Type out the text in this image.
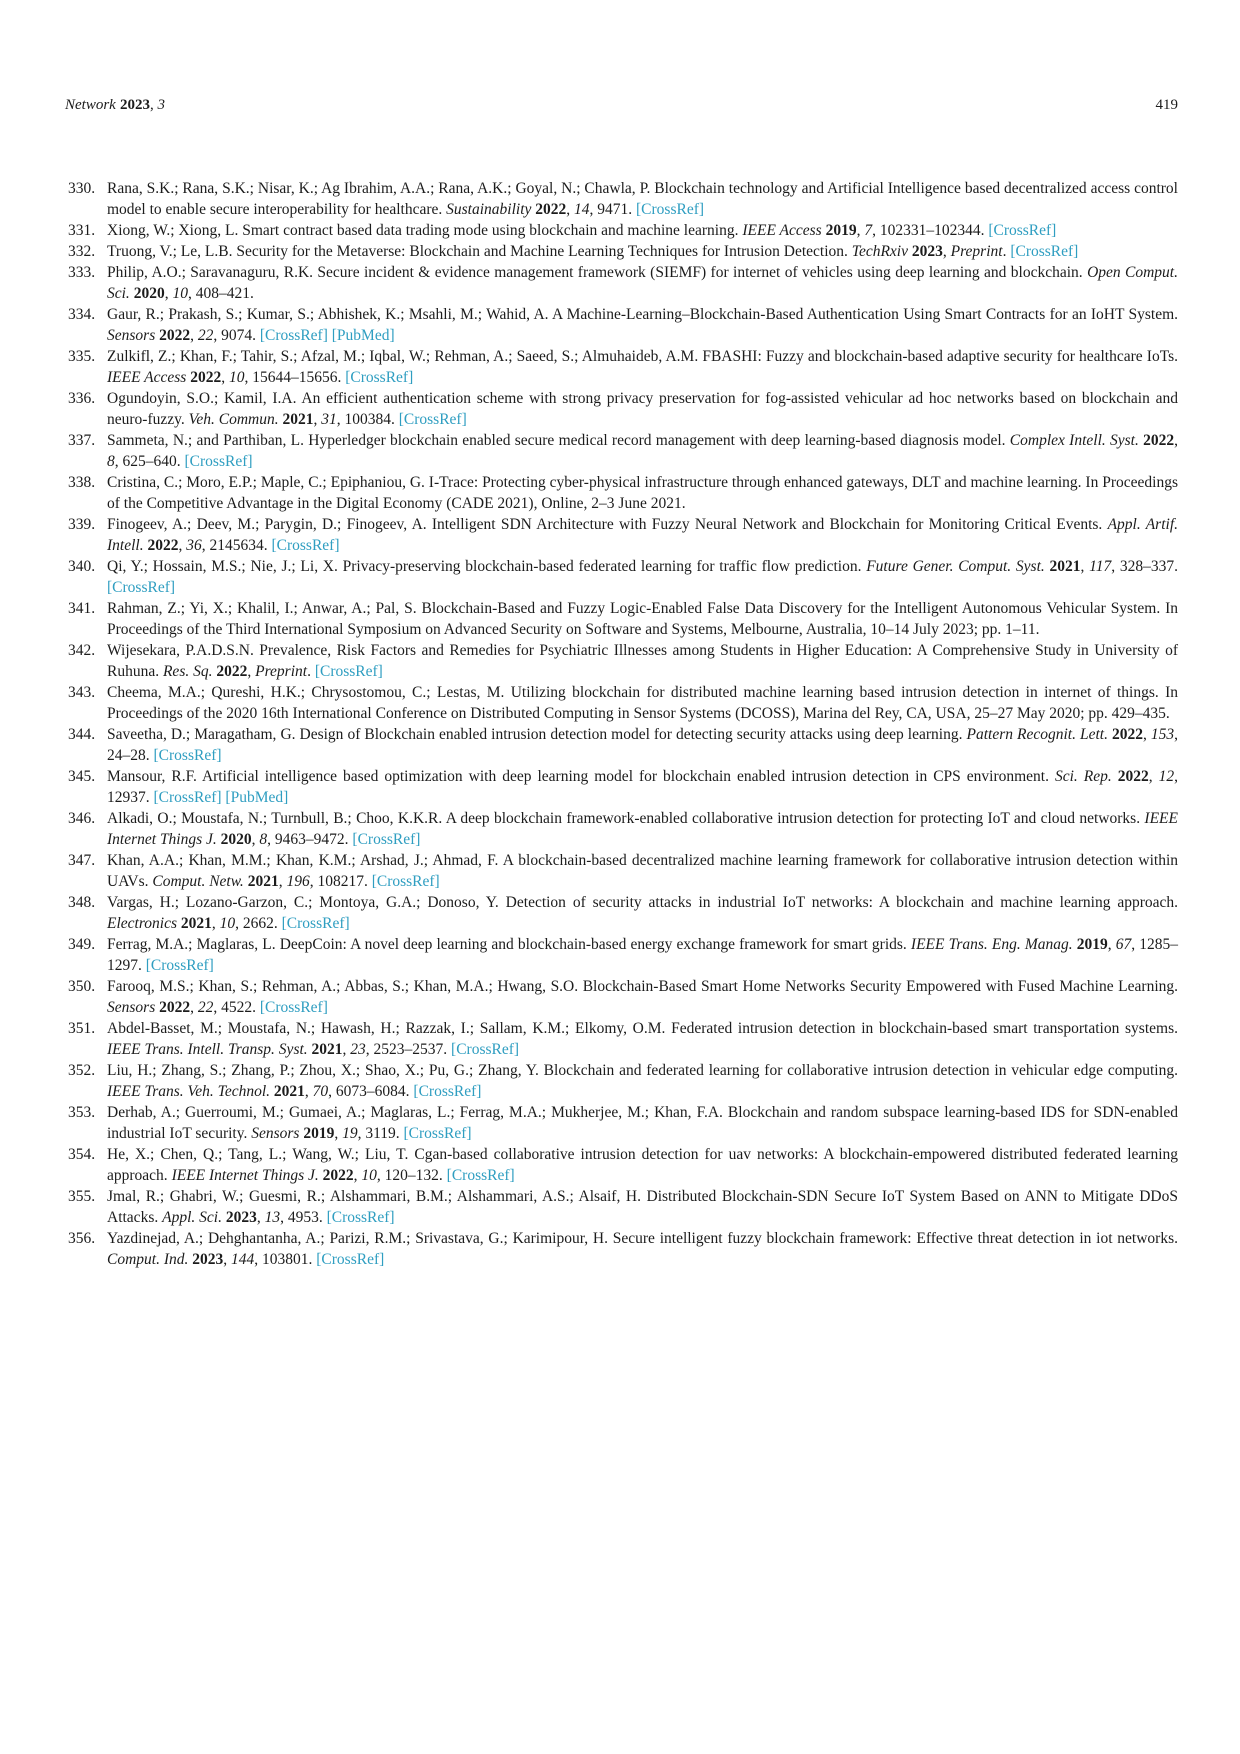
Network 2023, 3	419
330. Rana, S.K.; Rana, S.K.; Nisar, K.; Ag Ibrahim, A.A.; Rana, A.K.; Goyal, N.; Chawla, P. Blockchain technology and Artificial Intelligence based decentralized access control model to enable secure interoperability for healthcare. Sustainability 2022, 14, 9471. [CrossRef]
331. Xiong, W.; Xiong, L. Smart contract based data trading mode using blockchain and machine learning. IEEE Access 2019, 7, 102331–102344. [CrossRef]
332. Truong, V.; Le, L.B. Security for the Metaverse: Blockchain and Machine Learning Techniques for Intrusion Detection. TechRxiv 2023, Preprint. [CrossRef]
333. Philip, A.O.; Saravanaguru, R.K. Secure incident & evidence management framework (SIEMF) for internet of vehicles using deep learning and blockchain. Open Comput. Sci. 2020, 10, 408–421.
334. Gaur, R.; Prakash, S.; Kumar, S.; Abhishek, K.; Msahli, M.; Wahid, A. A Machine-Learning–Blockchain-Based Authentication Using Smart Contracts for an IoHT System. Sensors 2022, 22, 9074. [CrossRef] [PubMed]
335. Zulkifl, Z.; Khan, F.; Tahir, S.; Afzal, M.; Iqbal, W.; Rehman, A.; Saeed, S.; Almuhaideb, A.M. FBASHI: Fuzzy and blockchain-based adaptive security for healthcare IoTs. IEEE Access 2022, 10, 15644–15656. [CrossRef]
336. Ogundoyin, S.O.; Kamil, I.A. An efficient authentication scheme with strong privacy preservation for fog-assisted vehicular ad hoc networks based on blockchain and neuro-fuzzy. Veh. Commun. 2021, 31, 100384. [CrossRef]
337. Sammeta, N.; and Parthiban, L. Hyperledger blockchain enabled secure medical record management with deep learning-based diagnosis model. Complex Intell. Syst. 2022, 8, 625–640. [CrossRef]
338. Cristina, C.; Moro, E.P.; Maple, C.; Epiphaniou, G. I-Trace: Protecting cyber-physical infrastructure through enhanced gateways, DLT and machine learning. In Proceedings of the Competitive Advantage in the Digital Economy (CADE 2021), Online, 2–3 June 2021.
339. Finogeev, A.; Deev, M.; Parygin, D.; Finogeev, A. Intelligent SDN Architecture with Fuzzy Neural Network and Blockchain for Monitoring Critical Events. Appl. Artif. Intell. 2022, 36, 2145634. [CrossRef]
340. Qi, Y.; Hossain, M.S.; Nie, J.; Li, X. Privacy-preserving blockchain-based federated learning for traffic flow prediction. Future Gener. Comput. Syst. 2021, 117, 328–337. [CrossRef]
341. Rahman, Z.; Yi, X.; Khalil, I.; Anwar, A.; Pal, S. Blockchain-Based and Fuzzy Logic-Enabled False Data Discovery for the Intelligent Autonomous Vehicular System. In Proceedings of the Third International Symposium on Advanced Security on Software and Systems, Melbourne, Australia, 10–14 July 2023; pp. 1–11.
342. Wijesekara, P.A.D.S.N. Prevalence, Risk Factors and Remedies for Psychiatric Illnesses among Students in Higher Education: A Comprehensive Study in University of Ruhuna. Res. Sq. 2022, Preprint. [CrossRef]
343. Cheema, M.A.; Qureshi, H.K.; Chrysostomou, C.; Lestas, M. Utilizing blockchain for distributed machine learning based intrusion detection in internet of things. In Proceedings of the 2020 16th International Conference on Distributed Computing in Sensor Systems (DCOSS), Marina del Rey, CA, USA, 25–27 May 2020; pp. 429–435.
344. Saveetha, D.; Maragatham, G. Design of Blockchain enabled intrusion detection model for detecting security attacks using deep learning. Pattern Recognit. Lett. 2022, 153, 24–28. [CrossRef]
345. Mansour, R.F. Artificial intelligence based optimization with deep learning model for blockchain enabled intrusion detection in CPS environment. Sci. Rep. 2022, 12, 12937. [CrossRef] [PubMed]
346. Alkadi, O.; Moustafa, N.; Turnbull, B.; Choo, K.K.R. A deep blockchain framework-enabled collaborative intrusion detection for protecting IoT and cloud networks. IEEE Internet Things J. 2020, 8, 9463–9472. [CrossRef]
347. Khan, A.A.; Khan, M.M.; Khan, K.M.; Arshad, J.; Ahmad, F. A blockchain-based decentralized machine learning framework for collaborative intrusion detection within UAVs. Comput. Netw. 2021, 196, 108217. [CrossRef]
348. Vargas, H.; Lozano-Garzon, C.; Montoya, G.A.; Donoso, Y. Detection of security attacks in industrial IoT networks: A blockchain and machine learning approach. Electronics 2021, 10, 2662. [CrossRef]
349. Ferrag, M.A.; Maglaras, L. DeepCoin: A novel deep learning and blockchain-based energy exchange framework for smart grids. IEEE Trans. Eng. Manag. 2019, 67, 1285–1297. [CrossRef]
350. Farooq, M.S.; Khan, S.; Rehman, A.; Abbas, S.; Khan, M.A.; Hwang, S.O. Blockchain-Based Smart Home Networks Security Empowered with Fused Machine Learning. Sensors 2022, 22, 4522. [CrossRef]
351. Abdel-Basset, M.; Moustafa, N.; Hawash, H.; Razzak, I.; Sallam, K.M.; Elkomy, O.M. Federated intrusion detection in blockchain-based smart transportation systems. IEEE Trans. Intell. Transp. Syst. 2021, 23, 2523–2537. [CrossRef]
352. Liu, H.; Zhang, S.; Zhang, P.; Zhou, X.; Shao, X.; Pu, G.; Zhang, Y. Blockchain and federated learning for collaborative intrusion detection in vehicular edge computing. IEEE Trans. Veh. Technol. 2021, 70, 6073–6084. [CrossRef]
353. Derhab, A.; Guerroumi, M.; Gumaei, A.; Maglaras, L.; Ferrag, M.A.; Mukherjee, M.; Khan, F.A. Blockchain and random subspace learning-based IDS for SDN-enabled industrial IoT security. Sensors 2019, 19, 3119. [CrossRef]
354. He, X.; Chen, Q.; Tang, L.; Wang, W.; Liu, T. Cgan-based collaborative intrusion detection for uav networks: A blockchain-empowered distributed federated learning approach. IEEE Internet Things J. 2022, 10, 120–132. [CrossRef]
355. Jmal, R.; Ghabri, W.; Guesmi, R.; Alshammari, B.M.; Alshammari, A.S.; Alsaif, H. Distributed Blockchain-SDN Secure IoT System Based on ANN to Mitigate DDoS Attacks. Appl. Sci. 2023, 13, 4953. [CrossRef]
356. Yazdinejad, A.; Dehghantanha, A.; Parizi, R.M.; Srivastava, G.; Karimipour, H. Secure intelligent fuzzy blockchain framework: Effective threat detection in iot networks. Comput. Ind. 2023, 144, 103801. [CrossRef]
